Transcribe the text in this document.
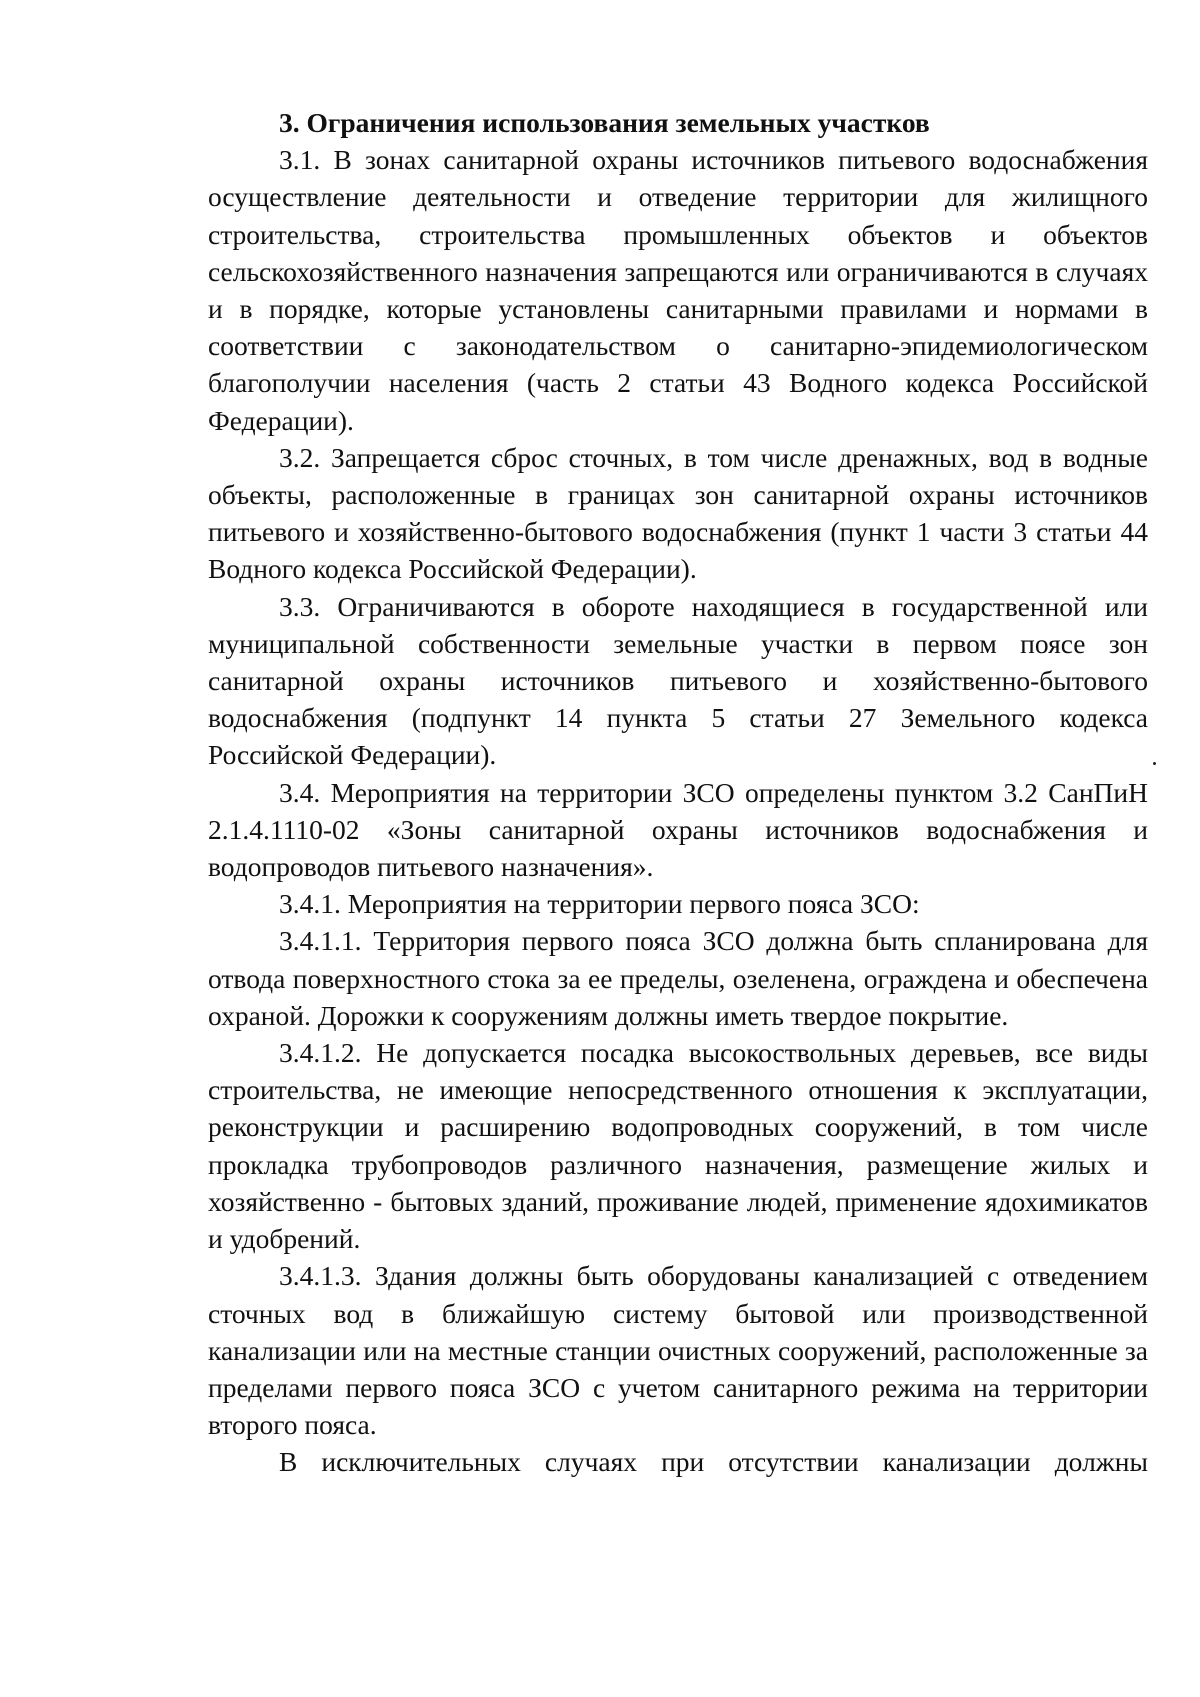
3. Ограничения использования земельных участков

3.1. В зонах санитарной охраны источников питьевого водоснабжения осуществление деятельности и отведение территории для жилищного строительства, строительства промышленных объектов и объектов сельскохозяйственного назначения запрещаются или ограничиваются в случаях и в порядке, которые установлены санитарными правилами и нормами в соответствии с законодательством о санитарно-эпидемиологическом благополучии населения (часть 2 статьи 43 Водного кодекса Российской Федерации).

3.2. Запрещается сброс сточных, в том числе дренажных, вод в водные объекты, расположенные в границах зон санитарной охраны источников питьевого и хозяйственно-бытового водоснабжения (пункт 1 части 3 статьи 44 Водного кодекса Российской Федерации).

3.3. Ограничиваются в обороте находящиеся в государственной или муниципальной собственности земельные участки в первом поясе зон санитарной охраны источников питьевого и хозяйственно-бытового водоснабжения (подпункт 14 пункта 5 статьи 27 Земельного кодекса Российской Федерации).

3.4. Мероприятия на территории ЗСО определены пунктом 3.2 СанПиН 2.1.4.1110-02 «Зоны санитарной охраны источников водоснабжения и водопроводов питьевого назначения».

3.4.1. Мероприятия на территории первого пояса ЗСО:

3.4.1.1. Территория первого пояса ЗСО должна быть спланирована для отвода поверхностного стока за ее пределы, озеленена, ограждена и обеспечена охраной. Дорожки к сооружениям должны иметь твердое покрытие.

3.4.1.2. Не допускается посадка высокоствольных деревьев, все виды строительства, не имеющие непосредственного отношения к эксплуатации, реконструкции и расширению водопроводных сооружений, в том числе прокладка трубопроводов различного назначения, размещение жилых и хозяйственно - бытовых зданий, проживание людей, применение ядохимикатов и удобрений.

3.4.1.3. Здания должны быть оборудованы канализацией с отведением сточных вод в ближайшую систему бытовой или производственной канализации или на местные станции очистных сооружений, расположенные за пределами первого пояса ЗСО с учетом санитарного режима на территории второго пояса.

В исключительных случаях при отсутствии канализации должны
